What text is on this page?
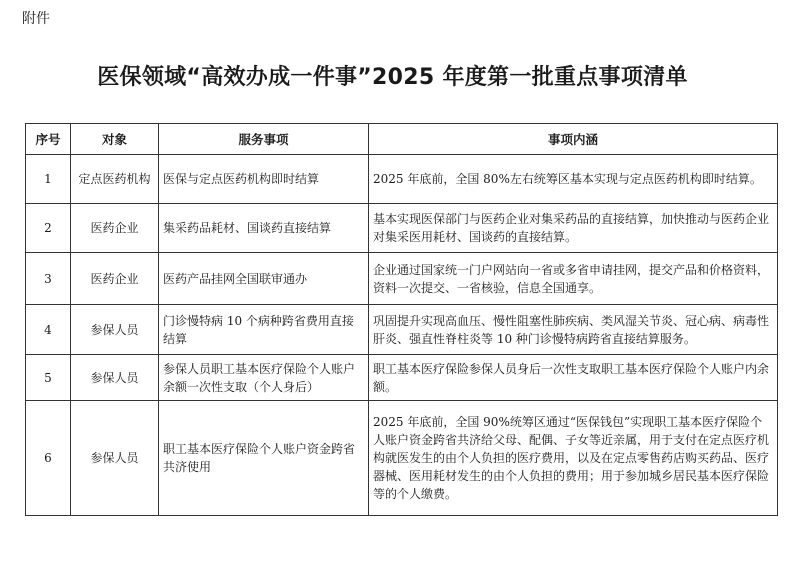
附件
医保领域“高效办成一件事”2025 年度第一批重点事项清单
序号	对象	服务事项	事项内涵
1	定点医药机构	医保与定点医药机构即时结算	2025 年底前，全国 80%左右统筹区基本实现与定点医药机构即时结算。
2	医药企业	集采药品耗材、国谈药直接结算	基本实现医保部门与医药企业对集采药品的直接结算，加快推动与医药企业对集采医用耗材、国谈药的直接结算。
3	医药企业	医药产品挂网全国联审通办	企业通过国家统一门户网站向一省或多省申请挂网，提交产品和价格资料，资料一次提交、一省核验，信息全国通享。
4	参保人员	门诊慢特病 10 个病种跨省费用直接结算	巩固提升实现高血压、慢性阻塞性肺疾病、类风湿关节炎、冠心病、病毒性肝炎、强直性脊柱炎等 10 种门诊慢特病跨省直接结算服务。
5	参保人员	参保人员职工基本医疗保险个人账户余额一次性支取（个人身后）	职工基本医疗保险参保人员身后一次性支取职工基本医疗保险个人账户内余额。
6	参保人员	职工基本医疗保险个人账户资金跨省共济使用	2025 年底前，全国 90%统筹区通过“医保钱包”实现职工基本医疗保险个人账户资金跨省共济给父母、配偶、子女等近亲属，用于支付在定点医疗机构就医发生的由个人负担的医疗费用，以及在定点零售药店购买药品、医疗器械、医用耗材发生的由个人负担的费用；用于参加城乡居民基本医疗保险等的个人缴费。
